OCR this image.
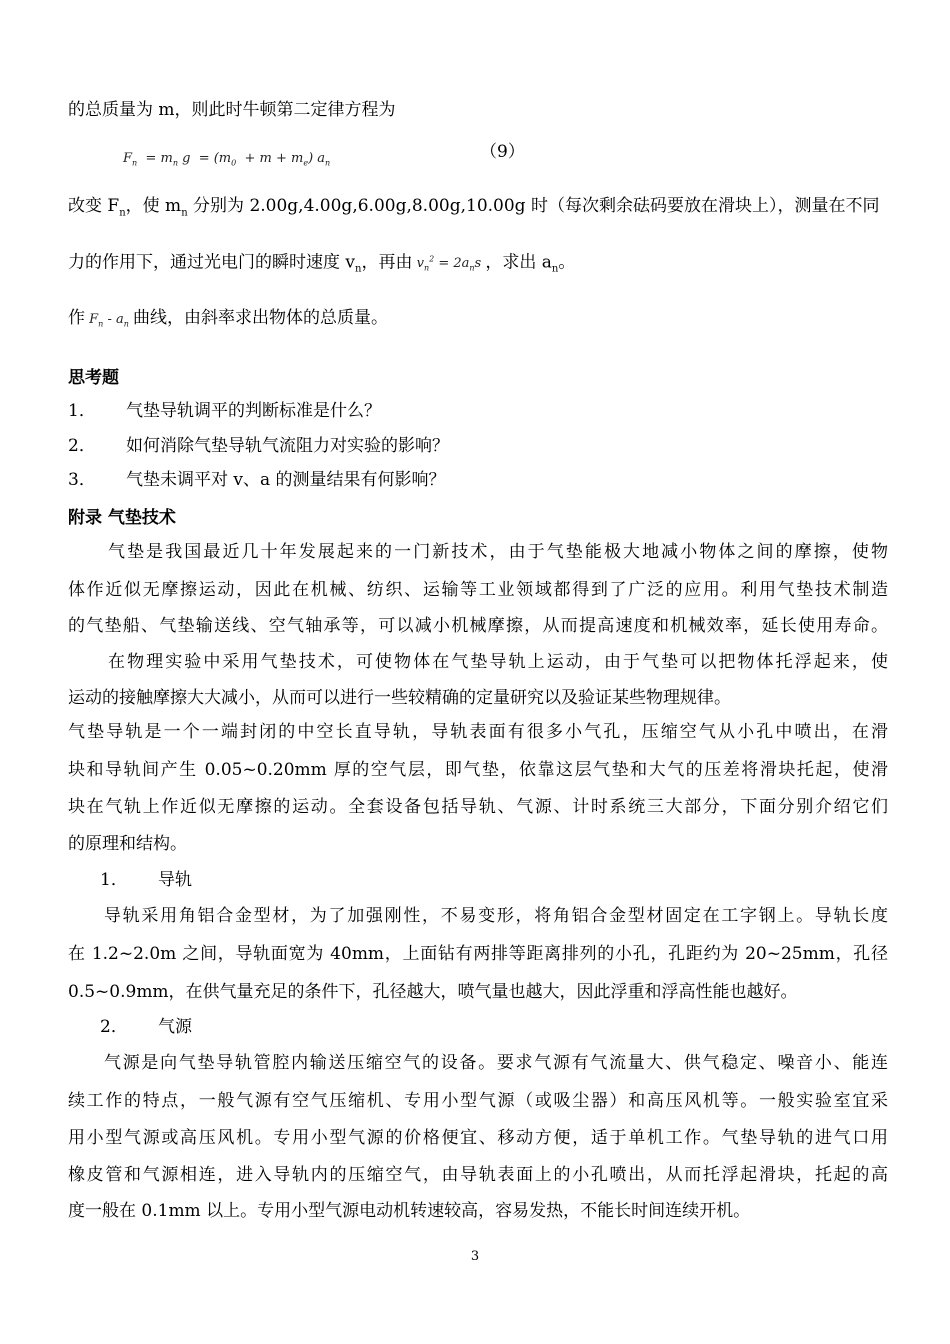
的总质量为 m，则此时牛顿第二定律方程为
$F_n = m_n$ $g = (m_0 + m + m_e)$ $a_n$
（9）
改变 $F_n$，使 $m_n$ 分别为 2.00g,4.00g,6.00g,8.00g,10.00g 时（每次剩余砝码要放在滑块上），测量在不同
力的作用下，通过光电门的瞬时速度 $v_n$，再由 $v_n^2 = 2a_ns$ ，求出 $a_n$。
作 $F_n - a_n$ 曲线，由斜率求出物体的总质量。
思考题
1． 气垫导轨调平的判断标准是什么？
2． 如何消除气垫导轨气流阻力对实验的影响？
3． 气垫未调平对 v、a 的测量结果有何影响？
附录 气垫技术
气垫是我国最近几十年发展起来的一门新技术，由于气垫能极大地减小物体之间的摩擦，使物
体作近似无摩擦运动，因此在机械、纺织、运输等工业领域都得到了广泛的应用。利用气垫技术制造
的气垫船、气垫输送线、空气轴承等，可以减小机械摩擦，从而提高速度和机械效率，延长使用寿命。
在物理实验中采用气垫技术，可使物体在气垫导轨上运动，由于气垫可以把物体托浮起来，使
运动的接触摩擦大大减小，从而可以进行一些较精确的定量研究以及验证某些物理规律。
气垫导轨是一个一端封闭的中空长直导轨，导轨表面有很多小气孔，压缩空气从小孔中喷出，在滑
块和导轨间产生 0.05~0.20mm 厚的空气层，即气垫，依靠这层气垫和大气的压差将滑块托起，使滑
块在气轨上作近似无摩擦的运动。全套设备包括导轨、气源、计时系统三大部分，下面分别介绍它们
的原理和结构。
1． 导轨
导轨采用角铝合金型材，为了加强刚性，不易变形，将角铝合金型材固定在工字钢上。导轨长度
在 1.2~2.0m 之间，导轨面宽为 40mm，上面钻有两排等距离排列的小孔，孔距约为 20~25mm，孔径
0.5~0.9mm，在供气量充足的条件下，孔径越大，喷气量也越大，因此浮重和浮高性能也越好。
2． 气源
气源是向气垫导轨管腔内输送压缩空气的设备。要求气源有气流量大、供气稳定、噪音小、能连
续工作的特点，一般气源有空气压缩机、专用小型气源（或吸尘器）和高压风机等。一般实验室宜采
用小型气源或高压风机。专用小型气源的价格便宜、移动方便，适于单机工作。气垫导轨的进气口用
橡皮管和气源相连，进入导轨内的压缩空气，由导轨表面上的小孔喷出，从而托浮起滑块，托起的高
度一般在 0.1mm 以上。专用小型气源电动机转速较高，容易发热，不能长时间连续开机。
3
